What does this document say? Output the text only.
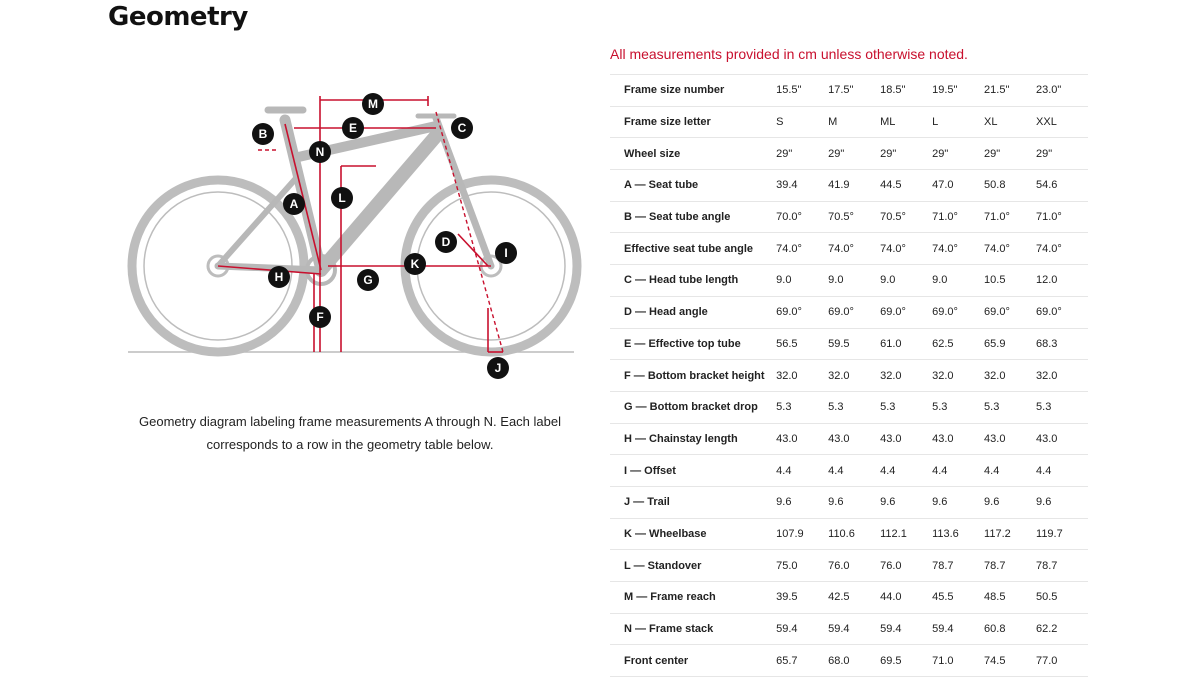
Geometry
M
B	E	C
N
L
A
D
I
H
K
G
F
J
Geometry diagram labeling frame measurements A through N. Each label corresponds to a row in the geometry table below.
All measurements provided in cm unless otherwise noted.
Frame size number	15.5"	17.5"	18.5"	19.5"	21.5"	23.0"
Frame size letter	S	M	ML	L	XL	XXL
Wheel size	29"	29"	29"	29"	29"	29"
A — Seat tube	39.4	41.9	44.5	47.0	50.8	54.6
B — Seat tube angle	70.0°	70.5°	70.5°	71.0°	71.0°	71.0°
Effective seat tube angle	74.0°	74.0°	74.0°	74.0°	74.0°	74.0°
C — Head tube length	9.0	9.0	9.0	9.0	10.5	12.0
D — Head angle	69.0°	69.0°	69.0°	69.0°	69.0°	69.0°
E — Effective top tube	56.5	59.5	61.0	62.5	65.9	68.3
F — Bottom bracket height	32.0	32.0	32.0	32.0	32.0	32.0
G — Bottom bracket drop	5.3	5.3	5.3	5.3	5.3	5.3
H — Chainstay length	43.0	43.0	43.0	43.0	43.0	43.0
I — Offset	4.4	4.4	4.4	4.4	4.4	4.4
J — Trail	9.6	9.6	9.6	9.6	9.6	9.6
K — Wheelbase	107.9	110.6	112.1	113.6	117.2	119.7
L — Standover	75.0	76.0	76.0	78.7	78.7	78.7
M — Frame reach	39.5	42.5	44.0	45.5	48.5	50.5
N — Frame stack	59.4	59.4	59.4	59.4	60.8	62.2
Front center	65.7	68.0	69.5	71.0	74.5	77.0
